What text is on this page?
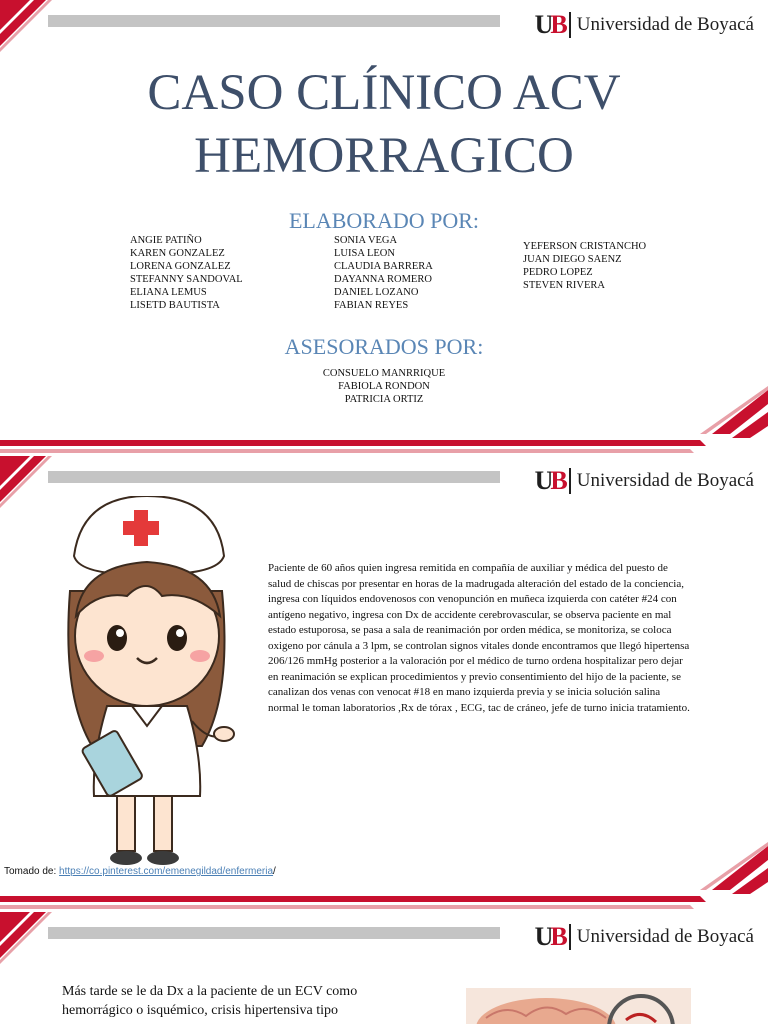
UB Universidad de Boyacá
CASO CLÍNICO ACV
HEMORRAGICO
ELABORADO POR:
ANGIE PATIÑO
KAREN GONZALEZ
LORENA GONZALEZ
STEFANNY SANDOVAL
ELIANA LEMUS
LISETD BAUTISTA
SONIA VEGA
LUISA LEON
CLAUDIA BARRERA
DAYANNA ROMERO
DANIEL LOZANO
FABIAN REYES
YEFERSON CRISTANCHO
JUAN DIEGO SAENZ
PEDRO LOPEZ
STEVEN RIVERA
ASESORADOS POR:
CONSUELO MANRRIQUE
FABIOLA RONDON
PATRICIA ORTIZ
UB Universidad de Boyacá
Paciente de 60 años quien ingresa remitida en compañía de auxiliar y médica del puesto de salud de chiscas por presentar en horas de la madrugada alteración del estado de la conciencia, ingresa con líquidos endovenosos con venopunción en muñeca izquierda con catéter #24 con antígeno negativo, ingresa con Dx de accidente cerebrovascular, se observa paciente en mal estado estuporosa, se pasa a sala de reanimación por orden médica, se monitoriza, se coloca oxigeno por cánula a 3 lpm, se controlan signos vitales donde encontramos que llegó hipertensa 206/126 mmHg posterior a la valoración por el médico de turno ordena hospitalizar pero dejar en reanimación se explican procedimientos y previo consentimiento del hijo de la paciente, se canalizan dos venas con venocat #18 en mano izquierda previa y se inicia solución salina normal le toman laboratorios ,Rx de tórax , ECG, tac de cráneo, jefe de turno inicia tratamiento.
Tomado de: https://co.pinterest.com/emenegildad/enfermeria/
UB Universidad de Boyacá
Más tarde se le da Dx a la paciente de un ECV como hemorrágico o isquémico, crisis hipertensiva tipo
